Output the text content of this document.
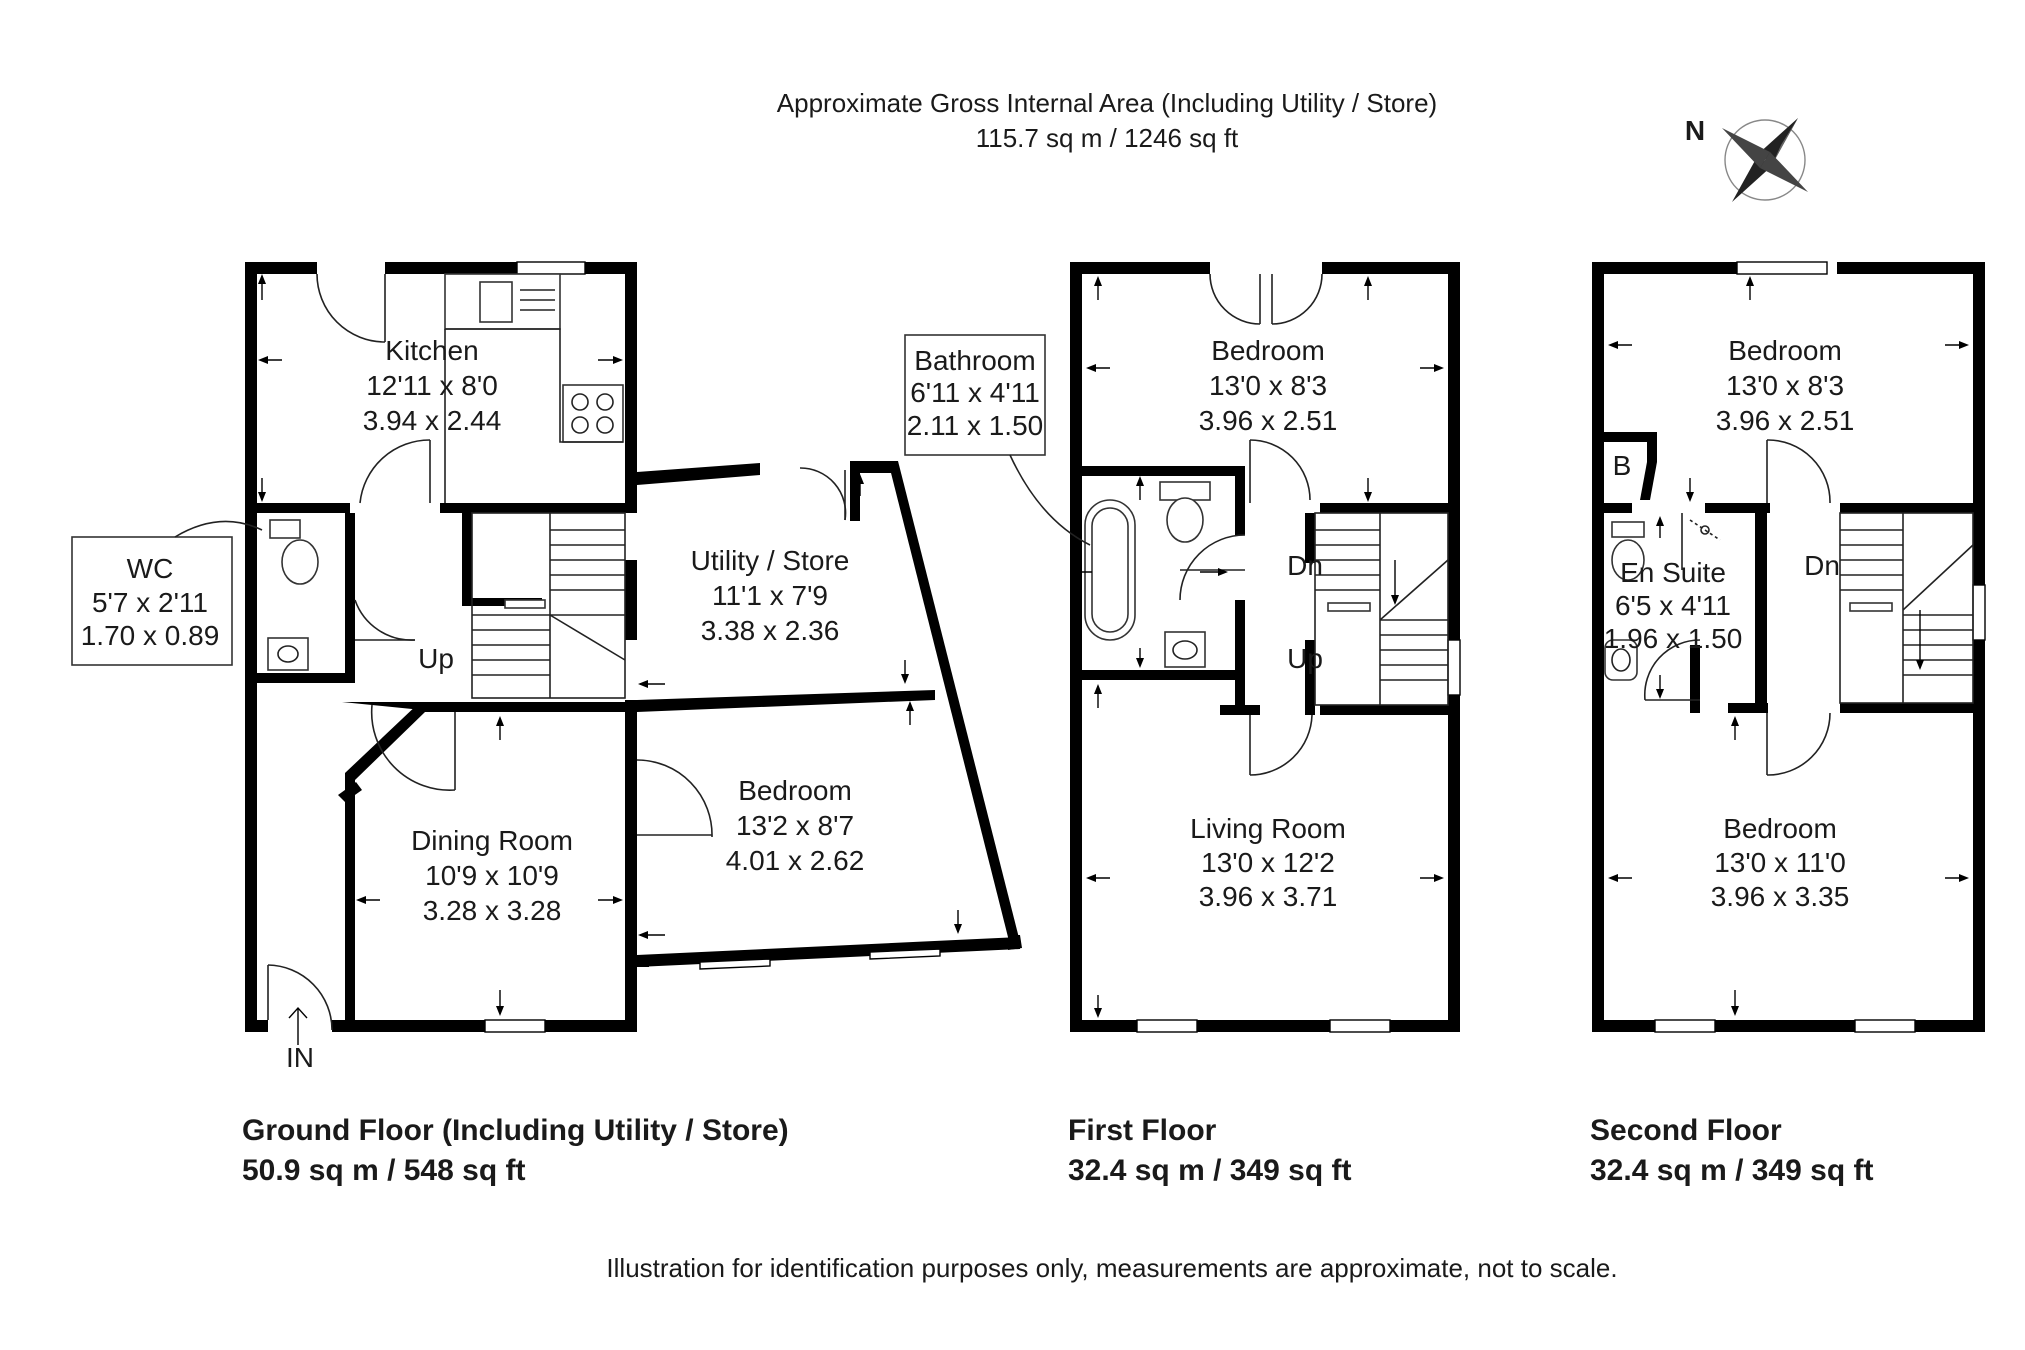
Approximate Gross Internal Area (Including Utility / Store)
115.7 sq m / 1246 sq ft	N
Kitchen
12'11 x 8'0
3.94 x 2.44
WC
5'7 x 2'11
1.70 x 0.89
Up
Utility / Store
11'1 x 7'9
3.38 x 2.36
Bedroom
13'2 x 8'7
4.01 x 2.62
Dining Room
10'9 x 10'9
3.28 x 3.28
IN
Bathroom
6'11 x 4'11
2.11 x 1.50
Bedroom
13'0 x 8'3
3.96 x 2.51
Dn
Up
Living Room
13'0 x 12'2
3.96 x 3.71
Bedroom
13'0 x 8'3
3.96 x 2.51
B
En Suite
6'5 x 4'11
1.96 x 1.50
Dn
Bedroom
13'0 x 11'0
3.96 x 3.35
Ground Floor (Including Utility / Store)
50.9 sq m / 548 sq ft
First Floor
32.4 sq m / 349 sq ft
Second Floor
32.4 sq m / 349 sq ft
Illustration for identification purposes only, measurements are approximate, not to scale.
